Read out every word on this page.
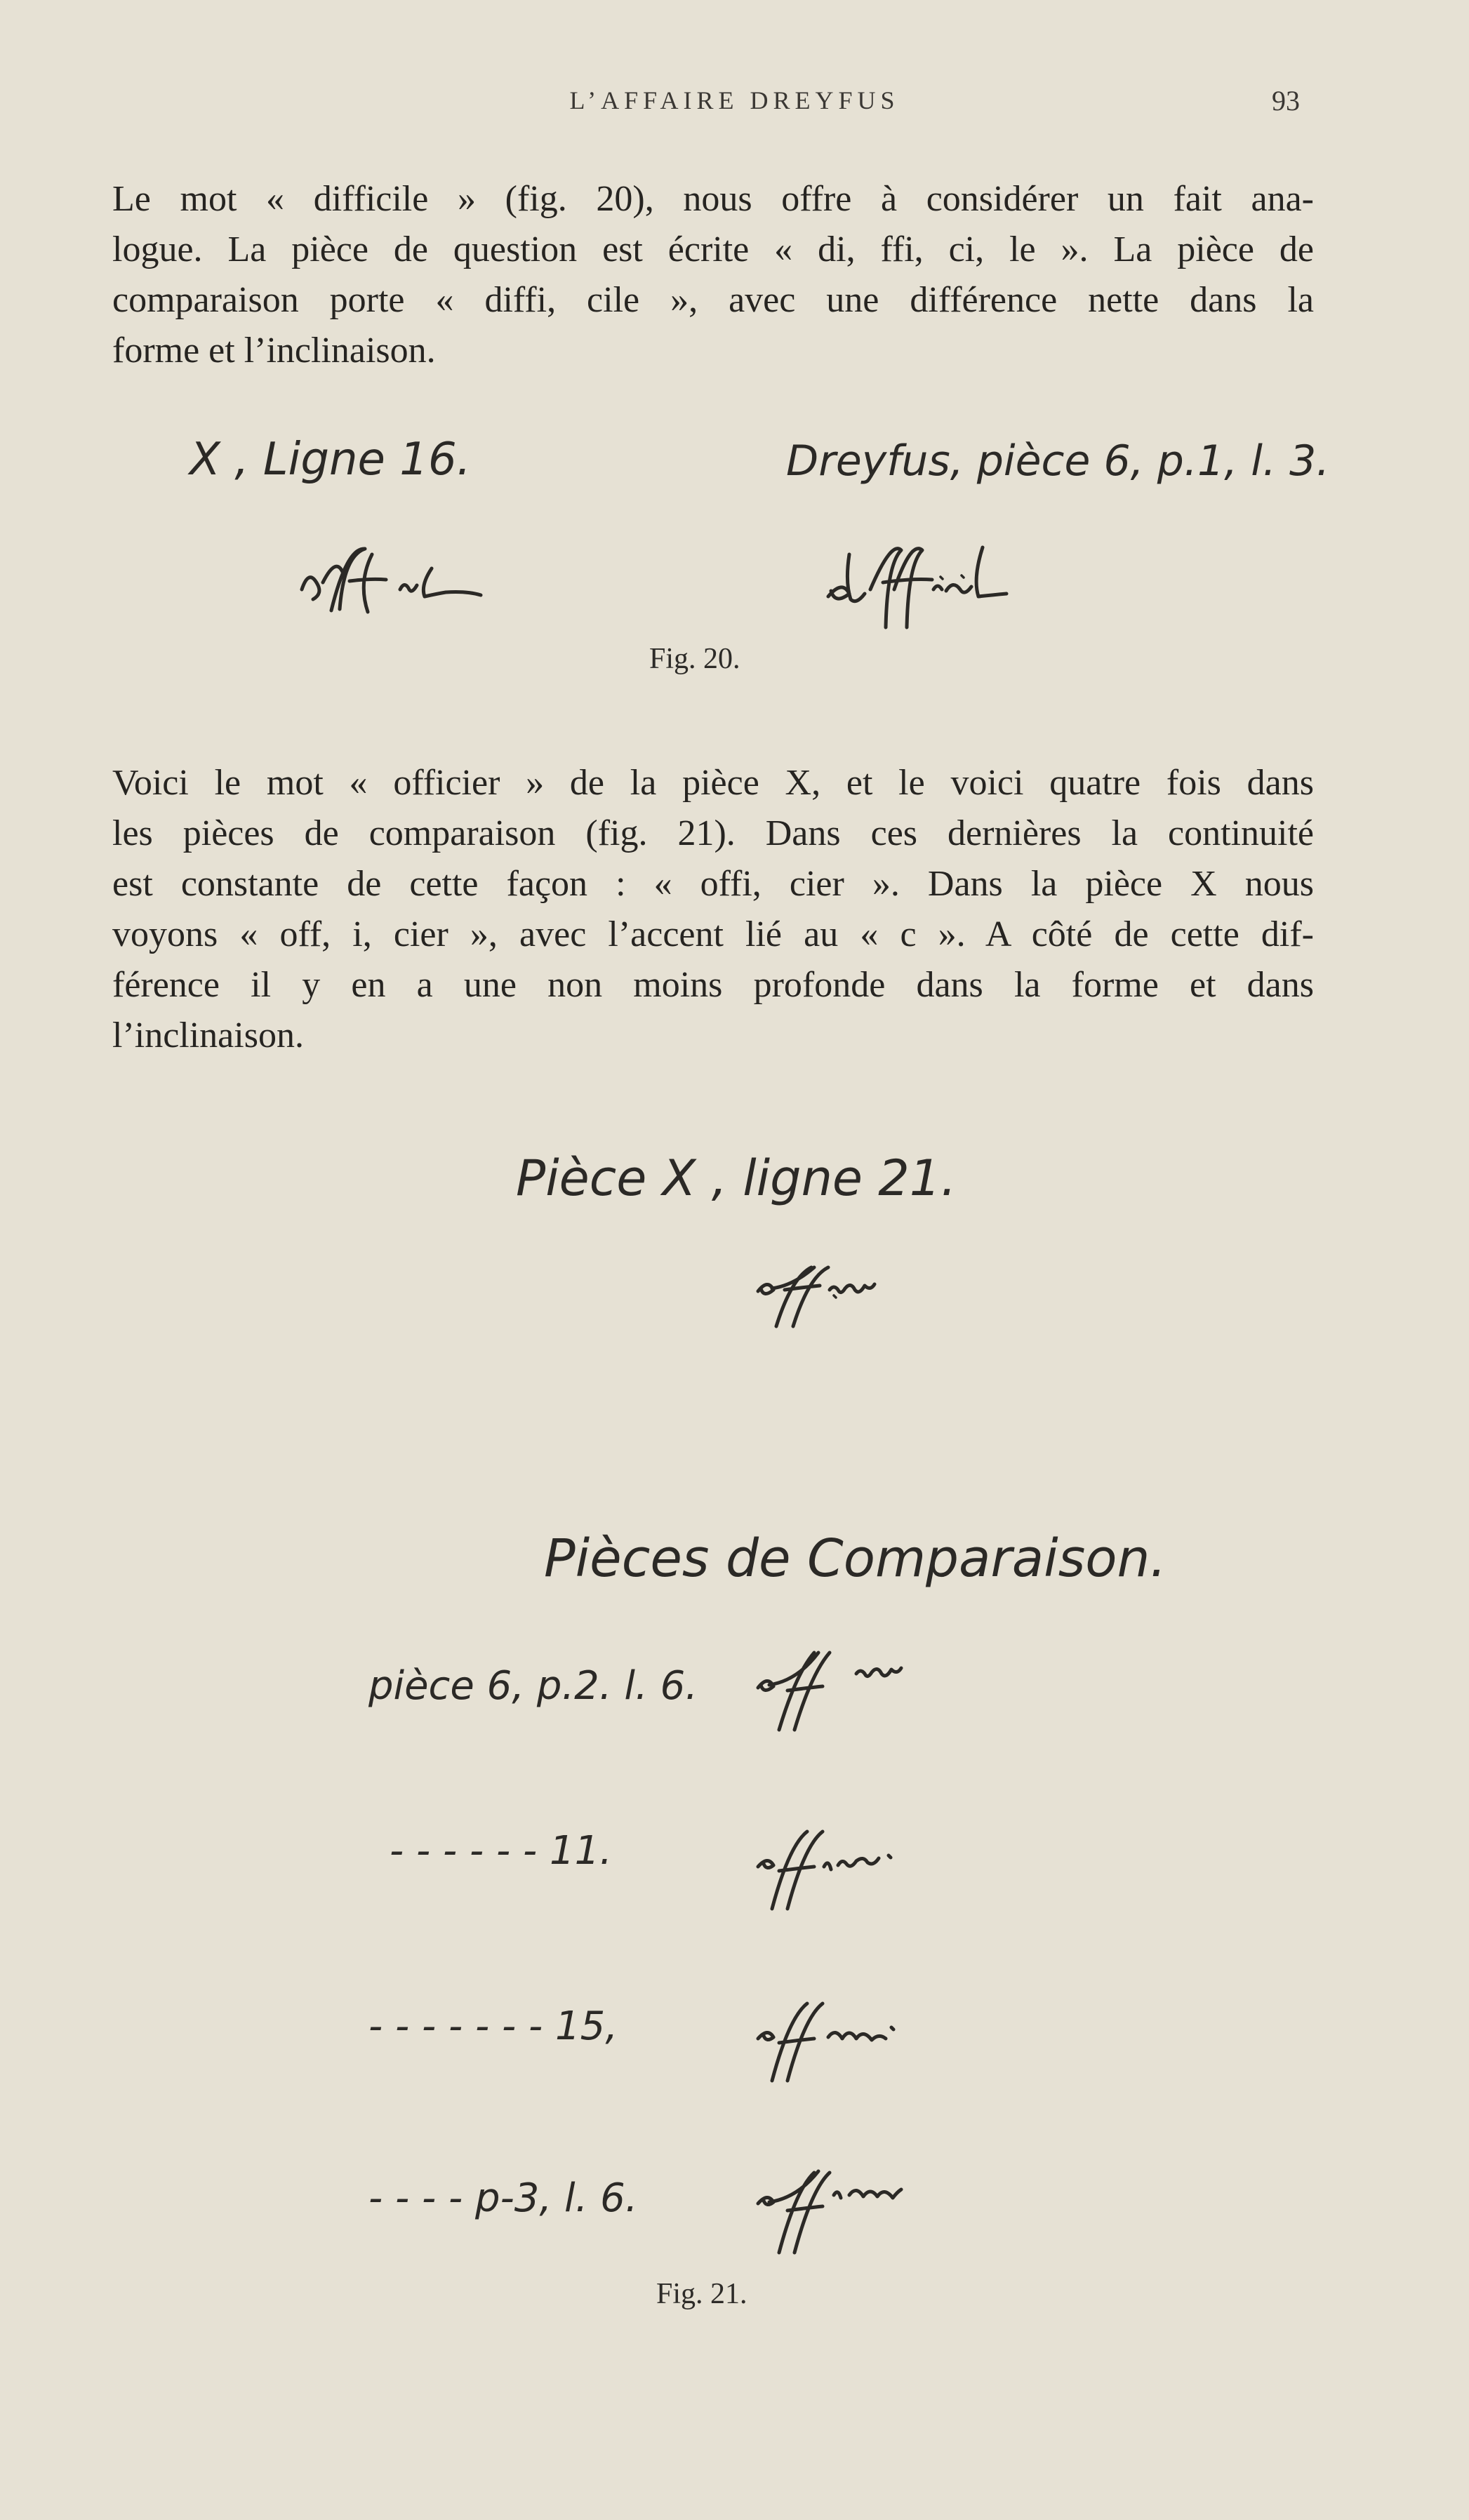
L’AFFAIRE DREYFUS	93

Le mot « difficile » (fig. 20), nous offre à considérer un fait ana-
logue. La pièce de question est écrite « di, ffi, ci, le ». La pièce de
comparaison porte « diffi, cile », avec une différence nette dans la
forme et l’inclinaison.

X , Ligne 16.	Dreyfus, pièce 6, p.1, l. 3.
Fig. 20.

Voici le mot « officier » de la pièce X, et le voici quatre fois dans
les pièces de comparaison (fig. 21). Dans ces dernières la continuité
est constante de cette façon : « offi, cier ». Dans la pièce X nous
voyons « off, i, cier », avec l’accent lié au « c ». A côté de cette dif-
férence il y en a une non moins profonde dans la forme et dans
l’inclinaison.

Pièce X , ligne 21.
Pièces de Comparaison.
pièce 6, p.2. l. 6.
- - - - - - 11.
- - - - - - - 15,
- - - - p-3, l. 6.
Fig. 21.
